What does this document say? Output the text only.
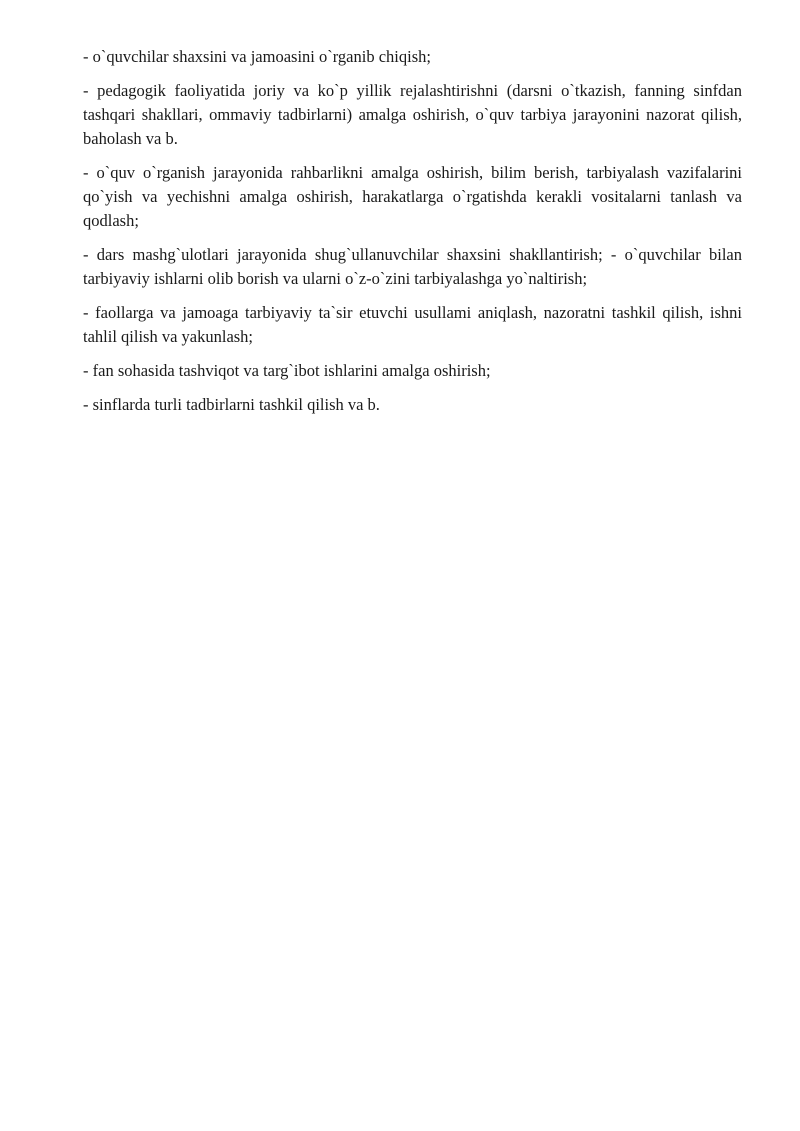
- o`quvchilar shaxsini va jamoasini o`rganib chiqish;

- pedagogik faoliyatida joriy va ko`p yillik rejalashtirishni (darsni o`tkazish, fanning sinfdan tashqari shakllari, ommaviy tadbirlarni) amalga oshirish, o`quv tarbiya jarayonini nazorat qilish, baholash va b.

- o`quv o`rganish jarayonida rahbarlikni amalga oshirish, bilim berish, tarbiyalash vazifalarini qo`yish va yechishni amalga oshirish, harakatlarga o`rgatishda kerakli vositalarni tanlash va qodlash;

- dars mashg`ulotlari jarayonida shug`ullanuvchilar shaxsini shakllantirish; - o`quvchilar bilan tarbiyaviy ishlarni olib borish va ularni o`z-o`zini tarbiyalashga yo`naltirish;

- faollarga va jamoaga tarbiyaviy ta`sir etuvchi usullami aniqlash, nazoratni tashkil qilish, ishni tahlil qilish va yakunlash;

- fan sohasida tashviqot va targ`ibot ishlarini amalga oshirish;

- sinflarda turli tadbirlarni tashkil qilish va b.
